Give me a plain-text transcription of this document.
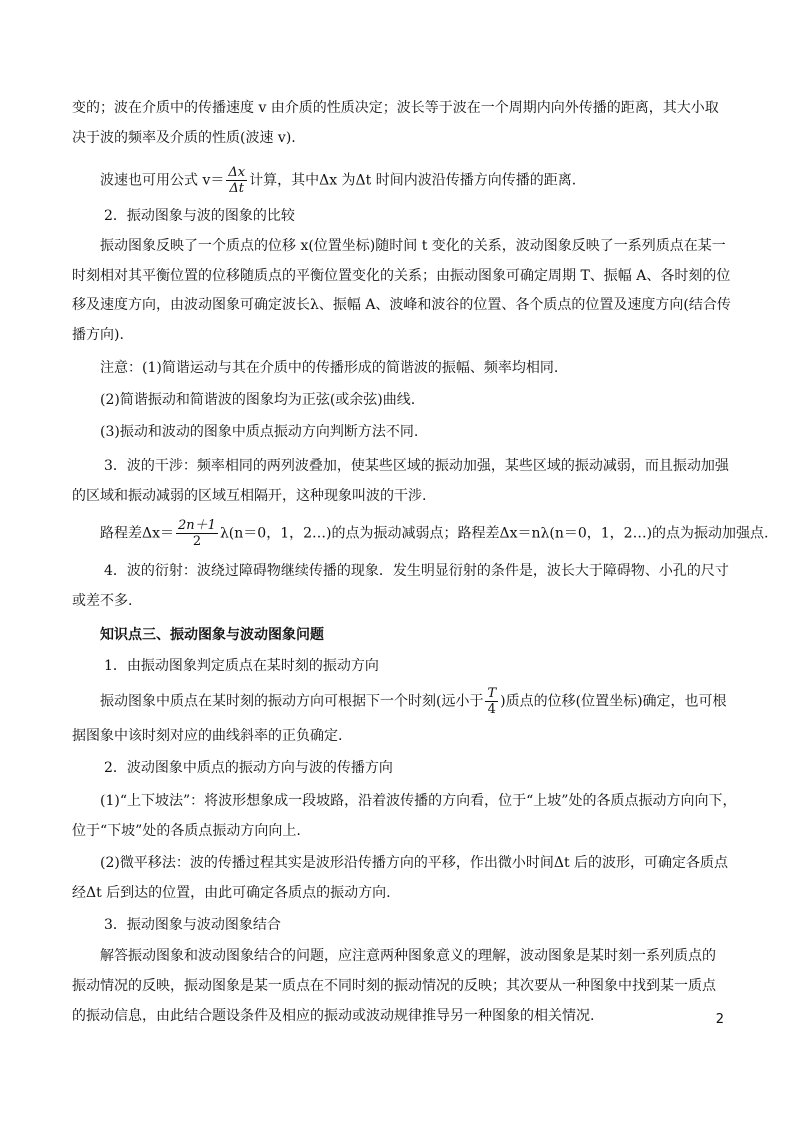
变的；波在介质中的传播速度 v 由介质的性质决定；波长等于波在一个周期内向外传播的距离，其大小取
决于波的频率及介质的性质(波速 v).
波速也可用公式 $v= \frac{\Delta x}{\Delta t}$ 计算，其中Δx 为Δt 时间内波沿传播方向传播的距离.
2．振动图象与波的图象的比较
振动图象反映了一个质点的位移 x(位置坐标)随时间 t 变化的关系，波动图象反映了一系列质点在某一
时刻相对其平衡位置的位移随质点的平衡位置变化的关系；由振动图象可确定周期 T、振幅 A、各时刻的位
移及速度方向，由波动图象可确定波长λ、振幅 A、波峰和波谷的位置、各个质点的位置及速度方向(结合传
播方向).
注意：(1)简谐运动与其在介质中的传播形成的简谐波的振幅、频率均相同.
(2)简谐振动和简谐波的图象均为正弦(或余弦)曲线.
(3)振动和波动的图象中质点振动方向判断方法不同.
3．波的干涉：频率相同的两列波叠加，使某些区域的振动加强，某些区域的振动减弱，而且振动加强
的区域和振动减弱的区域互相隔开，这种现象叫波的干涉.
路程差$\Delta x= \frac{2n+1}{2} \lambda(n=0$，1，2…)的点为振动减弱点；路程差Δx＝nλ(n＝0，1，2…)的点为振动加强点.
4．波的衍射：波绕过障碍物继续传播的现象．发生明显衍射的条件是，波长大于障碍物、小孔的尺寸
或差不多.
知识点三、振动图象与波动图象问题
1．由振动图象判定质点在某时刻的振动方向
振动图象中质点在某时刻的振动方向可根据下一个时刻(远小于 $\frac{T}{4}$ )质点的位移(位置坐标)确定，也可根
据图象中该时刻对应的曲线斜率的正负确定.
2．波动图象中质点的振动方向与波的传播方向
(1)“上下坡法”：将波形想象成一段坡路，沿着波传播的方向看，位于“上坡”处的各质点振动方向向下，
位于“下坡”处的各质点振动方向向上.
(2)微平移法：波的传播过程其实是波形沿传播方向的平移，作出微小时间Δt 后的波形，可确定各质点
经Δt 后到达的位置，由此可确定各质点的振动方向.
3．振动图象与波动图象结合
解答振动图象和波动图象结合的问题，应注意两种图象意义的理解，波动图象是某时刻一系列质点的
振动情况的反映，振动图象是某一质点在不同时刻的振动情况的反映；其次要从一种图象中找到某一质点
的振动信息，由此结合题设条件及相应的振动或波动规律推导另一种图象的相关情况.	2
